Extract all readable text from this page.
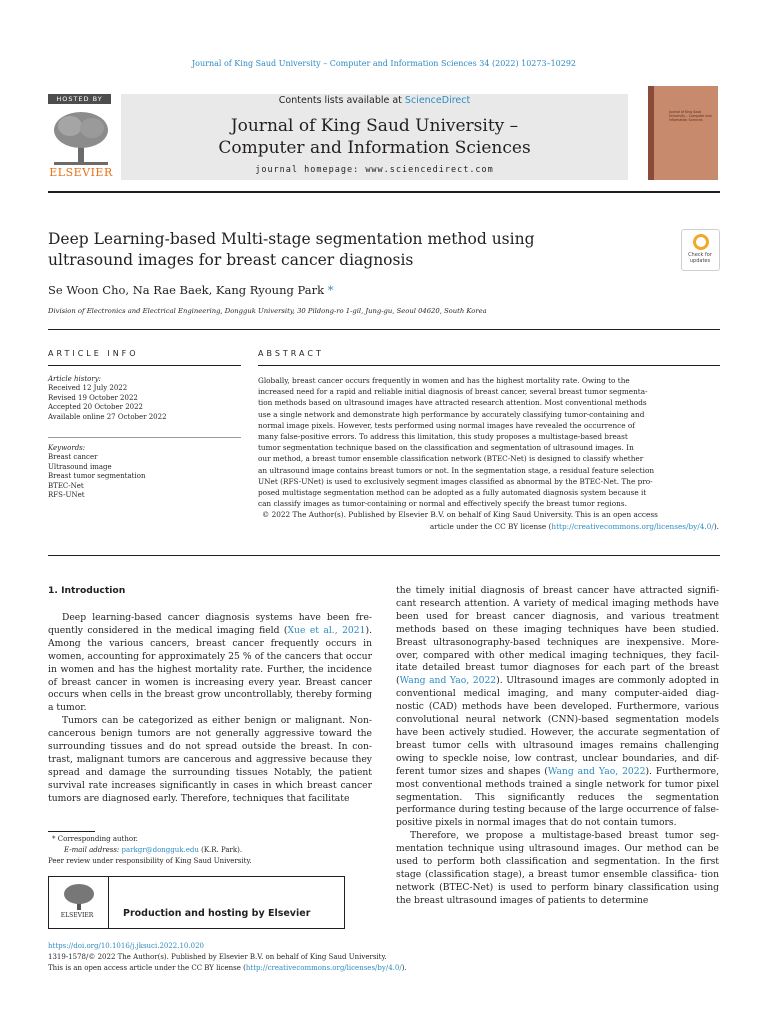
Journal of King Saud University – Computer and Information Sciences 34 (2022) 10273–10292
HOSTED BY
ELSEVIER
Contents lists available at ScienceDirect
Journal of King Saud University –
Computer and Information Sciences
journal homepage: www.sciencedirect.com
Journal of King Saud University – Computer and Information Sciences
Deep Learning-based Multi-stage segmentation method using
ultrasound images for breast cancer diagnosis	Check for updates
Se Woon Cho, Na Rae Baek, Kang Ryoung Park *
Division of Electronics and Electrical Engineering, Dongguk University, 30 Pildong-ro 1-gil, Jung-gu, Seoul 04620, South Korea
ARTICLE INFO
Article history:
Received 12 July 2022
Revised 19 October 2022
Accepted 20 October 2022
Available online 27 October 2022
Keywords:
Breast cancer
Ultrasound image
Breast tumor segmentation
BTEC-Net
RFS-UNet
ABSTRACT

Globally, breast cancer occurs frequently in women and has the highest mortality rate. Owing to the

increased need for a rapid and reliable initial diagnosis of breast cancer, several breast tumor segmenta-

tion methods based on ultrasound images have attracted research attention. Most conventional methods

use a single network and demonstrate high performance by accurately classifying tumor-containing and

normal image pixels. However, tests performed using normal images have revealed the occurrence of

many false-positive errors. To address this limitation, this study proposes a multistage-based breast

tumor segmentation technique based on the classification and segmentation of ultrasound images. In

our method, a breast tumor ensemble classification network (BTEC-Net) is designed to classify whether

an ultrasound image contains breast tumors or not. In the segmentation stage, a residual feature selection

UNet (RFS-UNet) is used to exclusively segment images classified as abnormal by the BTEC-Net. The pro-

posed multistage segmentation method can be adopted as a fully automated diagnosis system because it

can classify images as tumor-containing or normal and effectively specify the breast tumor regions.

© 2022 The Author(s). Published by Elsevier B.V. on behalf of King Saud University. This is an open access

article under the CC BY license (http://creativecommons.org/licenses/by/4.0/).

1. Introduction

Deep learning-based cancer diagnosis systems have been fre- quently considered in the medical imaging field (Xue et al., 2021). Among the various cancers, breast cancer frequently occurs in women, accounting for approximately 25 % of the cancers that occur in women and has the highest mortality rate. Further, the incidence of breast cancer in women is increasing every year. Breast cancer occurs when cells in the breast grow uncontrollably, thereby forming a tumor.

Tumors can be categorized as either benign or malignant. Non- cancerous benign tumors are not generally aggressive toward the surrounding tissues and do not spread outside the breast. In con- trast, malignant tumors are cancerous and aggressive because they spread and damage the surrounding tissues Notably, the patient survival rate increases significantly in cases in which breast cancer tumors are diagnosed early. Therefore, techniques that facilitate

the timely initial diagnosis of breast cancer have attracted signifi- cant research attention. A variety of medical imaging methods have been used for breast cancer diagnosis, and various treatment methods based on these imaging techniques have been studied. Breast ultrasonography-based techniques are inexpensive. More- over, compared with other medical imaging techniques, they facil- itate detailed breast tumor diagnoses for each part of the breast (Wang and Yao, 2022). Ultrasound images are commonly adopted in conventional medical imaging, and many computer-aided diag- nostic (CAD) methods have been developed. Furthermore, various convolutional neural network (CNN)-based segmentation models have been actively studied. However, the accurate segmentation of breast tumor cells with ultrasound images remains challenging owing to speckle noise, low contrast, unclear boundaries, and dif- ferent tumor sizes and shapes (Wang and Yao, 2022). Furthermore, most conventional methods trained a single network for tumor pixel segmentation. This significantly reduces the segmentation performance during testing because of the large occurrence of false-positive pixels in normal images that do not contain tumors.

Therefore, we propose a multistage-based breast tumor seg- mentation technique using ultrasound images. Our method can be used to perform both classification and segmentation. In the first stage (classification stage), a breast tumor ensemble classifica- tion network (BTEC-Net) is used to perform binary classification using the breast ultrasound images of patients to determine

* Corresponding author.
E-mail address: parkgr@dongguk.edu (K.R. Park).
Peer review under responsibility of King Saud University.
ELSEVIER	Production and hosting by Elsevier
https://doi.org/10.1016/j.jksuci.2022.10.020
1319-1578/© 2022 The Author(s). Published by Elsevier B.V. on behalf of King Saud University.
This is an open access article under the CC BY license (http://creativecommons.org/licenses/by/4.0/).
